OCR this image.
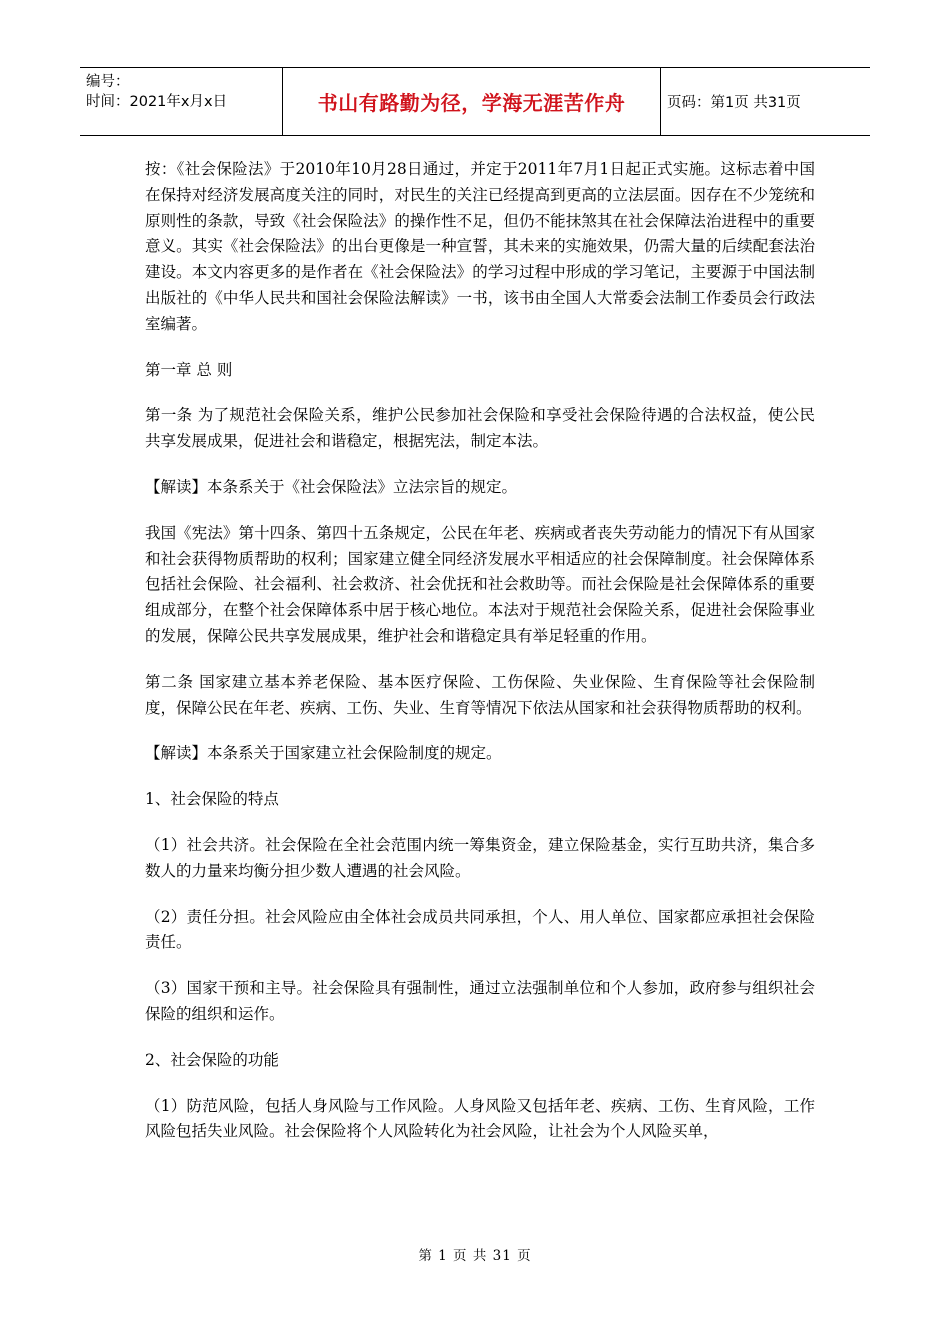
编号：
时间：2021年x月x日	书山有路勤为径，学海无涯苦作舟	页码：第1页 共31页

按：《社会保险法》于2010年10月28日通过，并定于2011年7月1日起正式实施。这标志着中国在保持对经济发展高度关注的同时，对民生的关注已经提高到更高的立法层面。因存在不少笼统和原则性的条款，导致《社会保险法》的操作性不足，但仍不能抹煞其在社会保障法治进程中的重要意义。其实《社会保险法》的出台更像是一种宣誓，其未来的实施效果，仍需大量的后续配套法治建设。本文内容更多的是作者在《社会保险法》的学习过程中形成的学习笔记，主要源于中国法制出版社的《中华人民共和国社会保险法解读》一书，该书由全国人大常委会法制工作委员会行政法室编著。

第一章 总 则

第一条 为了规范社会保险关系，维护公民参加社会保险和享受社会保险待遇的合法权益，使公民共享发展成果，促进社会和谐稳定，根据宪法，制定本法。

【解读】本条系关于《社会保险法》立法宗旨的规定。

我国《宪法》第十四条、第四十五条规定，公民在年老、疾病或者丧失劳动能力的情况下有从国家和社会获得物质帮助的权利；国家建立健全同经济发展水平相适应的社会保障制度。社会保障体系包括社会保险、社会福利、社会救济、社会优抚和社会救助等。而社会保险是社会保障体系的重要组成部分，在整个社会保障体系中居于核心地位。本法对于规范社会保险关系，促进社会保险事业的发展，保障公民共享发展成果，维护社会和谐稳定具有举足轻重的作用。

第二条 国家建立基本养老保险、基本医疗保险、工伤保险、失业保险、生育保险等社会保险制度，保障公民在年老、疾病、工伤、失业、生育等情况下依法从国家和社会获得物质帮助的权利。

【解读】本条系关于国家建立社会保险制度的规定。

1、社会保险的特点

（1）社会共济。社会保险在全社会范围内统一筹集资金，建立保险基金，实行互助共济，集合多数人的力量来均衡分担少数人遭遇的社会风险。

（2）责任分担。社会风险应由全体社会成员共同承担，个人、用人单位、国家都应承担社会保险责任。

（3）国家干预和主导。社会保险具有强制性，通过立法强制单位和个人参加，政府参与组织社会保险的组织和运作。

2、社会保险的功能

（1）防范风险，包括人身风险与工作风险。人身风险又包括年老、疾病、工伤、生育风险，工作风险包括失业风险。社会保险将个人风险转化为社会风险，让社会为个人风险买单，

第 1 页 共 31 页
